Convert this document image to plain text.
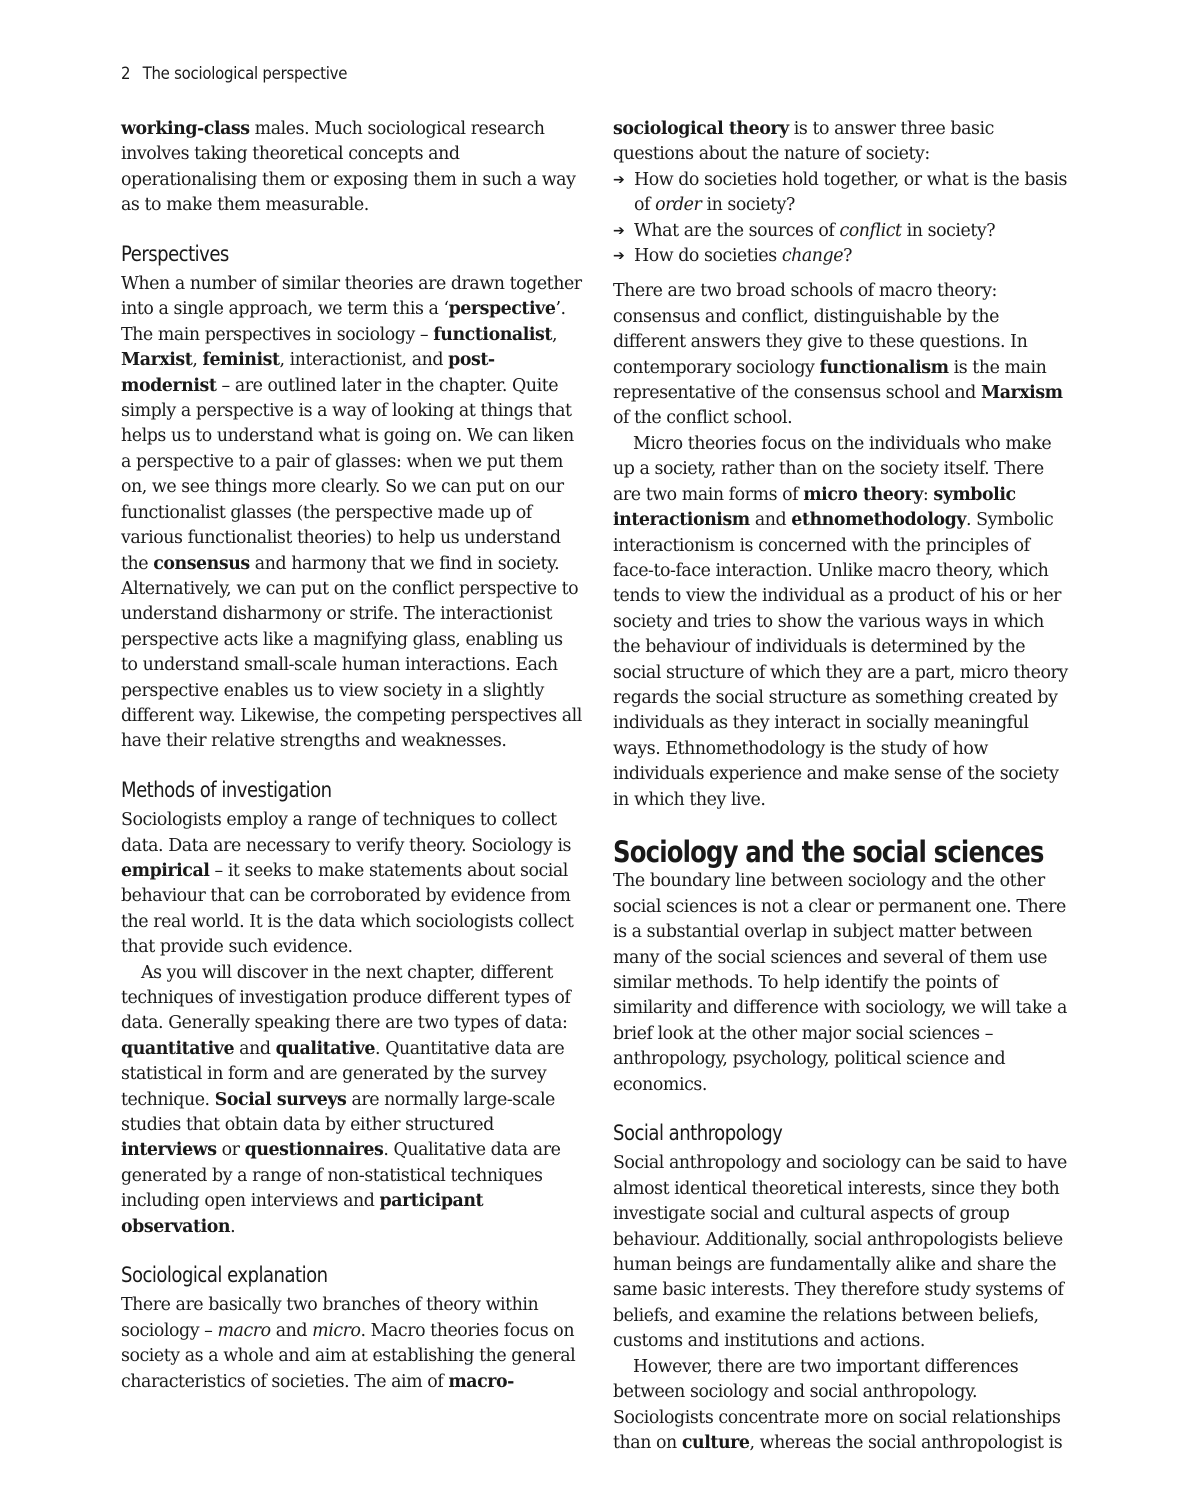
2 The sociological perspective

working-class males. Much sociological research involves taking theoretical concepts and operationalising them or exposing them in such a way as to make them measurable.

Perspectives

When a number of similar theories are drawn together into a single approach, we term this a ‘perspective’. The main perspectives in sociology – functionalist, Marxist, feminist, interactionist, and post-modernist – are outlined later in the chapter. Quite simply a perspective is a way of looking at things that helps us to understand what is going on. We can liken a perspective to a pair of glasses: when we put them on, we see things more clearly. So we can put on our functionalist glasses (the perspective made up of various functionalist theories) to help us understand the consensus and harmony that we find in society. Alternatively, we can put on the conflict perspective to understand disharmony or strife. The interactionist perspective acts like a magnifying glass, enabling us to understand small-scale human interactions. Each perspective enables us to view society in a slightly different way. Likewise, the competing perspectives all have their relative strengths and weaknesses.

Methods of investigation

Sociologists employ a range of techniques to collect data. Data are necessary to verify theory. Sociology is empirical – it seeks to make statements about social behaviour that can be corroborated by evidence from the real world. It is the data which sociologists collect that provide such evidence.

As you will discover in the next chapter, different techniques of investigation produce different types of data. Generally speaking there are two types of data: quantitative and qualitative. Quantitative data are statistical in form and are generated by the survey technique. Social surveys are normally large-scale studies that obtain data by either structured interviews or questionnaires. Qualitative data are generated by a range of non-statistical techniques including open interviews and participant observation.

Sociological explanation

There are basically two branches of theory within sociology – macro and micro. Macro theories focus on society as a whole and aim at establishing the general characteristics of societies. The aim of macro-

sociological theory is to answer three basic questions about the nature of society:

➔ How do societies hold together, or what is the basis of order in society?
➔ What are the sources of conflict in society?
➔ How do societies change?

There are two broad schools of macro theory: consensus and conflict, distinguishable by the different answers they give to these questions. In contemporary sociology functionalism is the main representative of the consensus school and Marxism of the conflict school.

Micro theories focus on the individuals who make up a society, rather than on the society itself. There are two main forms of micro theory: symbolic interactionism and ethnomethodology. Symbolic interactionism is concerned with the principles of face-to-face interaction. Unlike macro theory, which tends to view the individual as a product of his or her society and tries to show the various ways in which the behaviour of individuals is determined by the social structure of which they are a part, micro theory regards the social structure as something created by individuals as they interact in socially meaningful ways. Ethnomethodology is the study of how individuals experience and make sense of the society in which they live.

Sociology and the social sciences

The boundary line between sociology and the other social sciences is not a clear or permanent one. There is a substantial overlap in subject matter between many of the social sciences and several of them use similar methods. To help identify the points of similarity and difference with sociology, we will take a brief look at the other major social sciences – anthropology, psychology, political science and economics.

Social anthropology

Social anthropology and sociology can be said to have almost identical theoretical interests, since they both investigate social and cultural aspects of group behaviour. Additionally, social anthropologists believe human beings are fundamentally alike and share the same basic interests. They therefore study systems of beliefs, and examine the relations between beliefs, customs and institutions and actions.

However, there are two important differences between sociology and social anthropology. Sociologists concentrate more on social relationships than on culture, whereas the social anthropologist is
